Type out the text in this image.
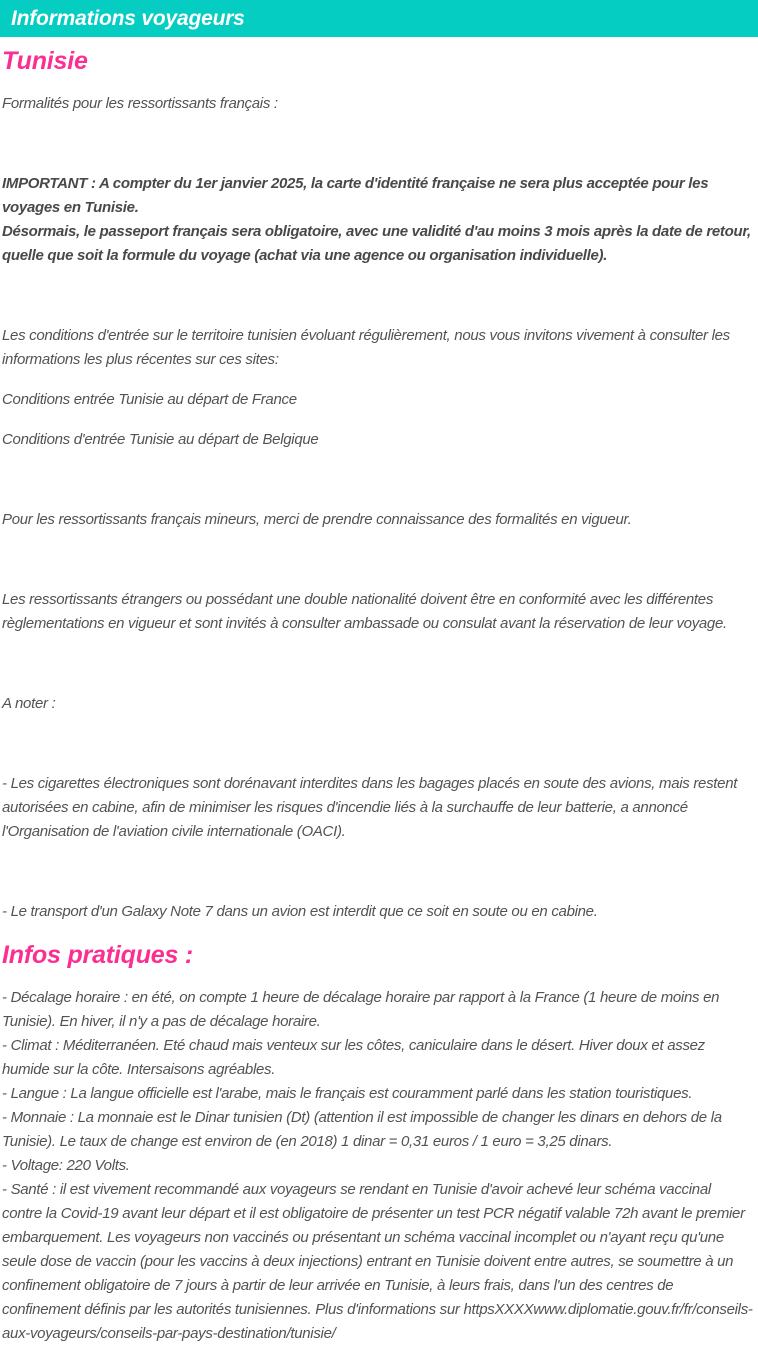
Informations voyageurs
Tunisie

Formalités pour les ressortissants français :

IMPORTANT : A compter du 1er janvier 2025, la carte d'identité française ne sera plus acceptée pour les voyages en Tunisie.
Désormais, le passeport français sera obligatoire, avec une validité d'au moins 3 mois après la date de retour, quelle que soit la formule du voyage (achat via une agence ou organisation individuelle).

Les conditions d'entrée sur le territoire tunisien évoluant régulièrement, nous vous invitons vivement à consulter les informations les plus récentes sur ces sites:

Conditions entrée Tunisie au départ de France

Conditions d'entrée Tunisie au départ de Belgique

Pour les ressortissants français mineurs, merci de prendre connaissance des formalités en vigueur.

Les ressortissants étrangers ou possédant une double nationalité doivent être en conformité avec les différentes règlementations en vigueur et sont invités à consulter ambassade ou consulat avant la réservation de leur voyage.

A noter :

- Les cigarettes électroniques sont dorénavant interdites dans les bagages placés en soute des avions, mais restent autorisées en cabine, afin de minimiser les risques d'incendie liés à la surchauffe de leur batterie, a annoncé l'Organisation de l'aviation civile internationale (OACI).

- Le transport d'un Galaxy Note 7 dans un avion est interdit que ce soit en soute ou en cabine.

Infos pratiques :
- Décalage horaire : en été, on compte 1 heure de décalage horaire par rapport à la France (1 heure de moins en Tunisie). En hiver, il n'y a pas de décalage horaire.
- Climat : Méditerranéen. Eté chaud mais venteux sur les côtes, caniculaire dans le désert. Hiver doux et assez humide sur la côte. Intersaisons agréables.
- Langue : La langue officielle est l'arabe, mais le français est couramment parlé dans les station touristiques.
- Monnaie : La monnaie est le Dinar tunisien (Dt) (attention il est impossible de changer les dinars en dehors de la Tunisie). Le taux de change est environ de (en 2018) 1 dinar = 0,31 euros / 1 euro = 3,25 dinars.
- Voltage: 220 Volts.
- Santé : il est vivement recommandé aux voyageurs se rendant en Tunisie d'avoir achevé leur schéma vaccinal contre la Covid-19 avant leur départ et il est obligatoire de présenter un test PCR négatif valable 72h avant le premier embarquement. Les voyageurs non vaccinés ou présentant un schéma vaccinal incomplet ou n'ayant reçu qu'une seule dose de vaccin (pour les vaccins à deux injections) entrant en Tunisie doivent entre autres, se soumettre à un confinement obligatoire de 7 jours à partir de leur arrivée en Tunisie, à leurs frais, dans l'un des centres de confinement définis par les autorités tunisiennes. Plus d'informations sur httpsXXXXwww.diplomatie.gouv.fr/fr/conseils-aux-voyageurs/conseils-par-pays-destination/tunisie/
